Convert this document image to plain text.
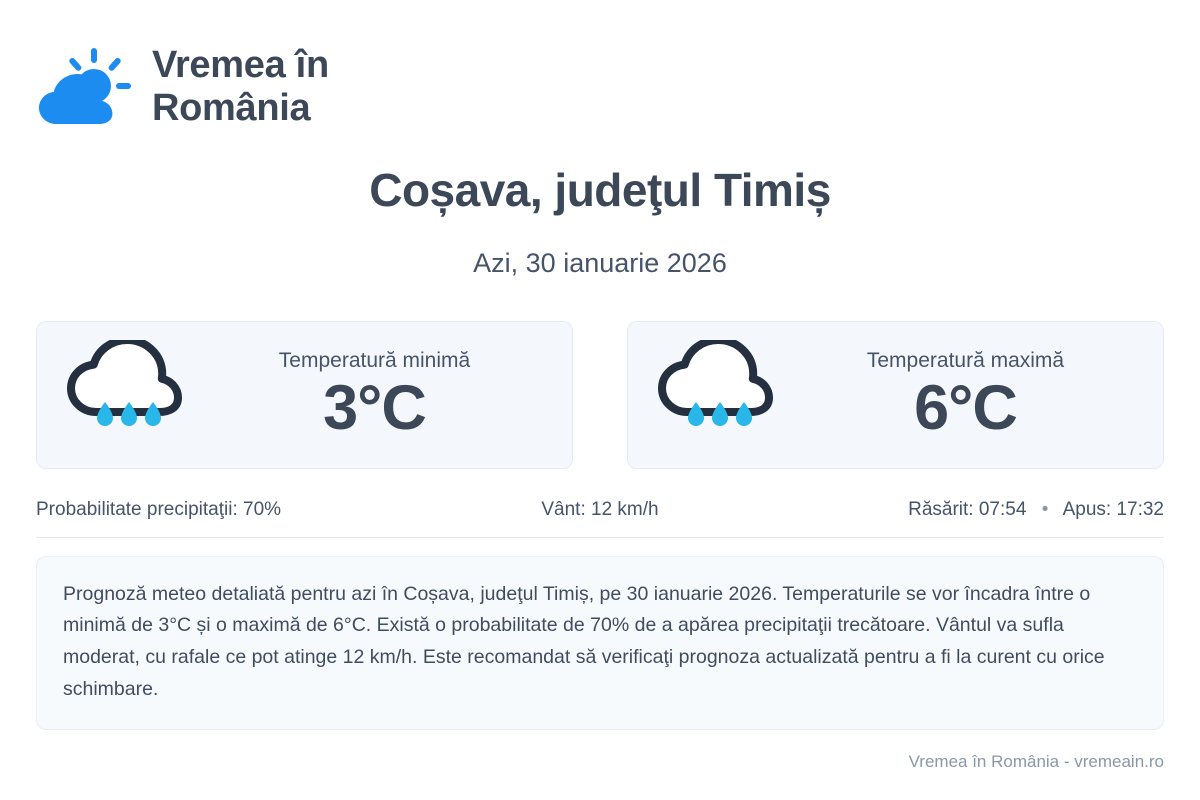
Vremea în
România
Coșava, judeţul Timiș
Azi, 30 ianuarie 2026
Temperatură minimă
3°C
Temperatură maximă
6°C
Probabilitate precipitaţii: 70%	Vânt: 12 km/h	Răsărit: 07:54 • Apus: 17:32
Prognoză meteo detaliată pentru azi în Coșava, judeţul Timiș, pe 30 ianuarie 2026. Temperaturile se vor încadra între o minimă de 3°C și o maximă de 6°C. Există o probabilitate de 70% de a apărea precipitaţii trecătoare. Vântul va sufla moderat, cu rafale ce pot atinge 12 km/h. Este recomandat să verificaţi prognoza actualizată pentru a fi la curent cu orice schimbare.
Vremea în România - vremeain.ro
